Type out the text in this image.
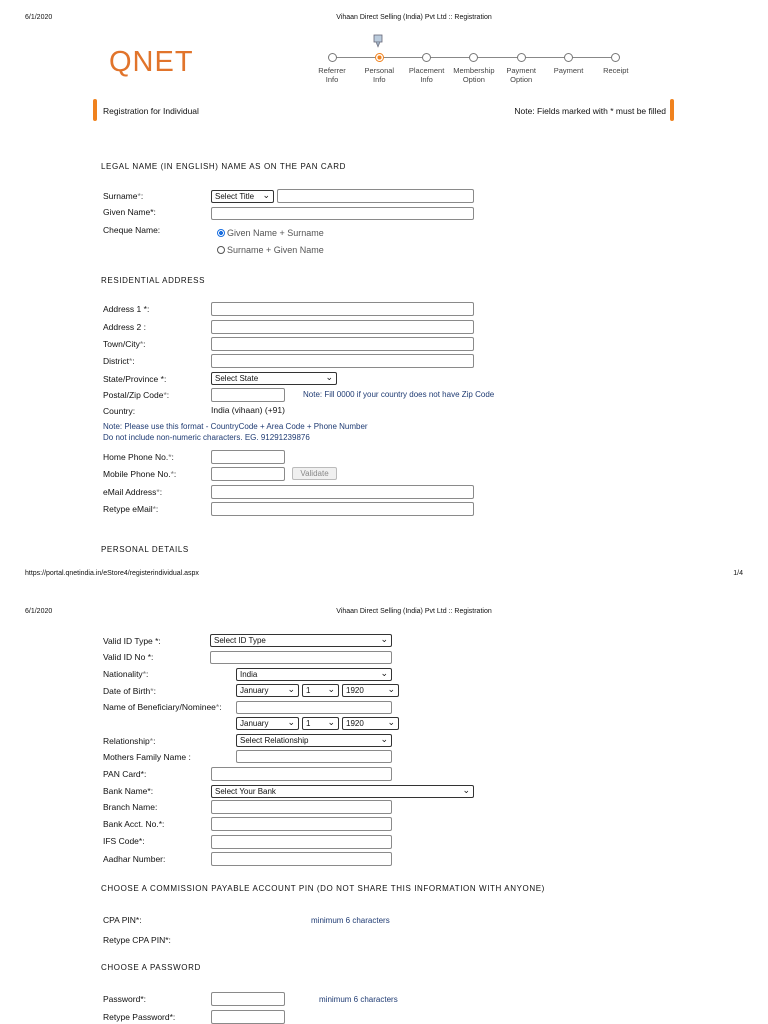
6/1/2020	Vihaan Direct Selling (India) Pvt Ltd :: Registration
QNET	Referrer
Info
Personal
Info
Placement
Info
Membership
Option
Payment
Option
Payment	Receipt
Registration for Individual	Note: Fields marked with * must be filled
LEGAL NAME (IN ENGLISH) NAME AS ON THE PAN CARD
Surname*:	Select Title ⌄
Given Name*:
Cheque Name:	Given Name + Surname
Surname + Given Name
RESIDENTIAL ADDRESS
Address 1 *:
Address 2 :
Town/City*:
District*:
State/Province *:	Select State	⌄
Postal/Zip Code*:	Note: Fill 0000 if your country does not have Zip Code
Country:	India (vihaan) (+91)
Note: Please use this format - CountryCode + Area Code + Phone Number
Do not include non-numeric characters. EG. 91291239876
Home Phone No.*:
Mobile Phone No.*:	Validate
eMail Address*:
Retype eMail*:
PERSONAL DETAILS
https://portal.qnetindia.in/eStore4/registerindividual.aspx	1/4
6/1/2020	Vihaan Direct Selling (India) Pvt Ltd :: Registration
Valid ID Type *:	Select ID Type	⌄
Valid ID No *:
Nationality*:	India	⌄
Date of Birth*:	January ⌄	1 ⌄	1920	⌄
Name of Beneficiary/Nominee*:
January ⌄	1 ⌄	1920	⌄
Relationship*:	Select Relationship	⌄
Mothers Family Name :
PAN Card*:
Bank Name*:	Select Your Bank	⌄
Branch Name:
Bank Acct. No.*:
IFS Code*:
Aadhar Number:
CHOOSE A COMMISSION PAYABLE ACCOUNT PIN (DO NOT SHARE THIS INFORMATION WITH ANYONE)
CPA PIN*:	minimum 6 characters
Retype CPA PIN*:
CHOOSE A PASSWORD
Password*:	minimum 6 characters
Retype Password*:
